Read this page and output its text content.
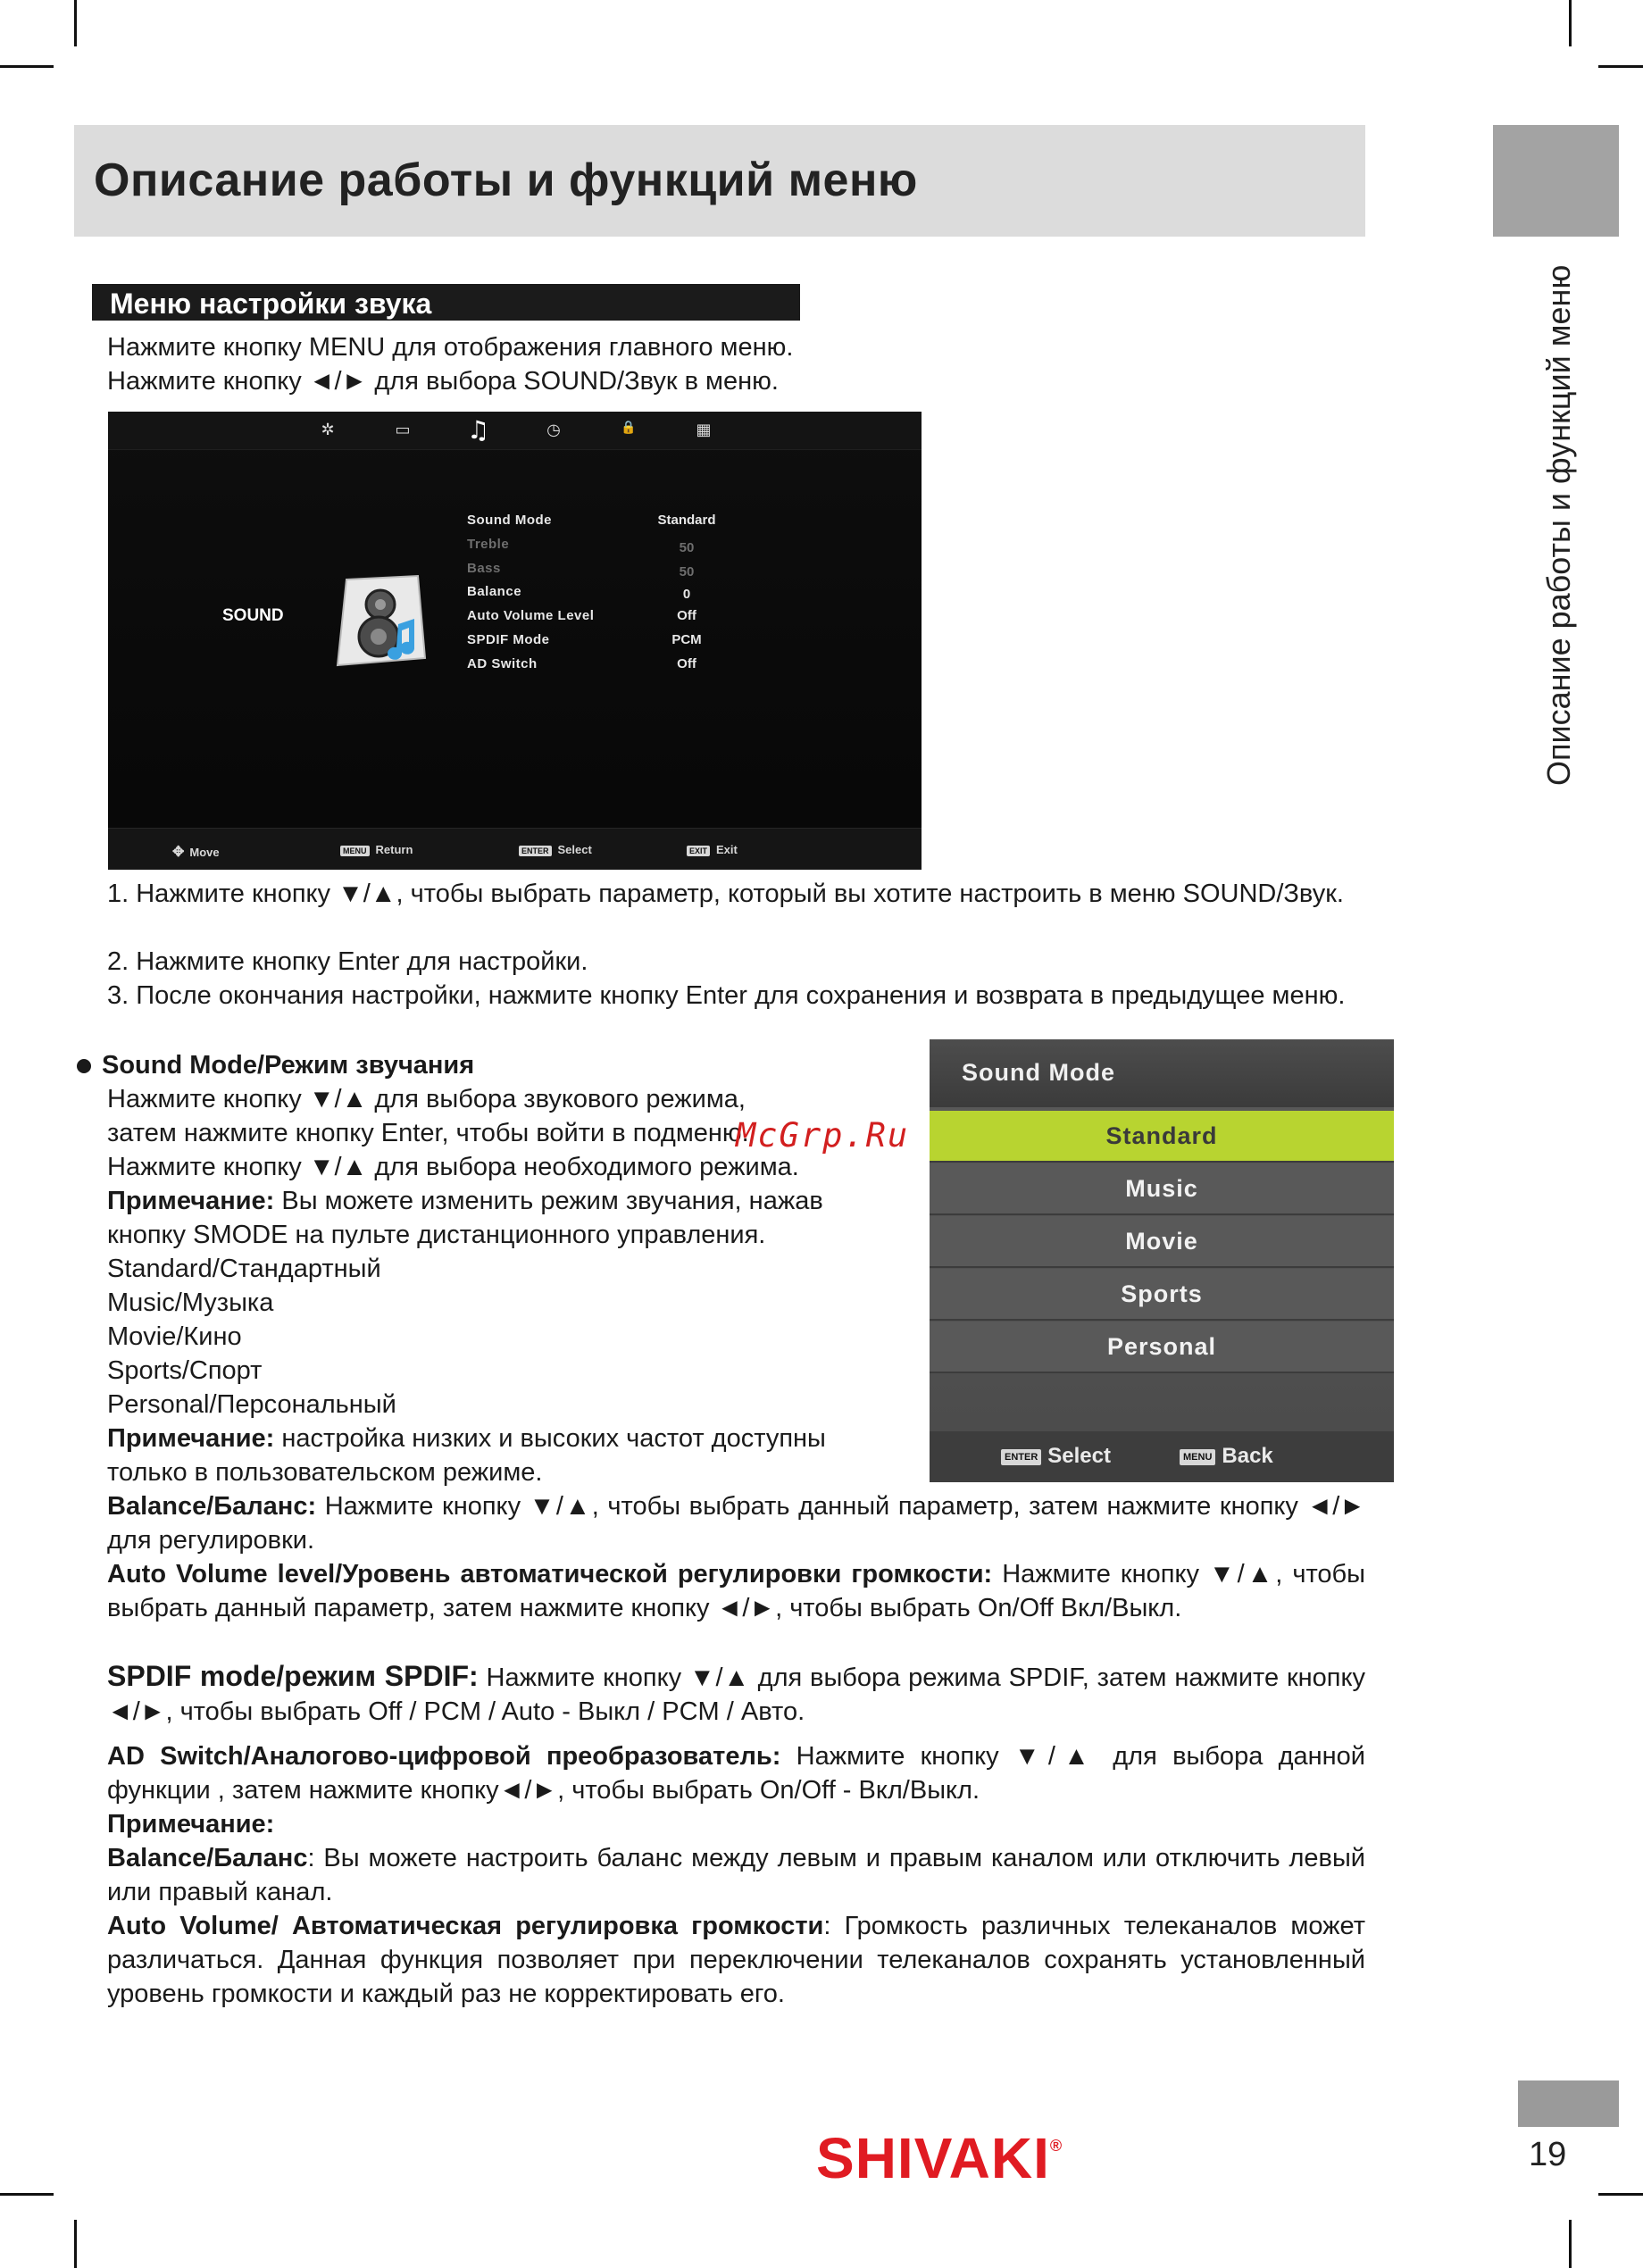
Описание работы и функций меню
Описание работы и функций меню
Меню настройки звука
Нажмите кнопку MENU для отображения главного меню.
Нажмите кнопку ◄/► для выбора SOUND/Звук в меню.
✲	▭ ♫	◷	🔒	▦
SOUND
Sound Mode	Standard
Treble	50
Bass	50
Balance	0
Auto Volume Level	Off
SPDIF Mode	PCM
AD Switch	Off
✥ Move	MENU Return	ENTER Select	EXIT Exit
1. Нажмите кнопку ▼/▲, чтобы выбрать параметр, который вы хотите настроить в меню SOUND/Звук.
2. Нажмите кнопку Enter для настройки.
3. После окончания настройки, нажмите кнопку Enter для сохранения и возврата в предыдущее меню.
Sound Mode/Режим звучания
Нажмите кнопку ▼/▲ для выбора звукового режима,
затем нажмите кнопку Enter, чтобы войти в подменю.
Нажмите кнопку ▼/▲ для выбора необходимого режима.
Примечание: Вы можете изменить режим звучания, нажав
кнопку SMODE на пульте дистанционного управления.
Standard/Стандартный
Music/Музыка
Movie/Кино
Sports/Спорт
Personal/Персональный
Примечание: настройка низких и высоких частот доступны
только в пользовательском режиме.
Sound Mode
Standard
Music
Movie
Sports
Personal
ENTER Select	MENU Back
McGrp.Ru
Balance/Баланс: Нажмите кнопку ▼/▲, чтобы выбрать данный параметр, затем нажмите кнопку ◄/► для регулировки.
Auto Volume level/Уровень автоматической регулировки громкости: Нажмите кнопку ▼/▲, чтобы выбрать данный параметр, затем нажмите кнопку ◄/►, чтобы выбрать On/Off Вкл/Выкл.
SPDIF mode/режим SPDIF: Нажмите кнопку ▼/▲ для выбора режима SPDIF, затем нажмите кнопку ◄/►, чтобы выбрать Off / PCM / Auto - Выкл / PCM / Авто.
AD Switch/Аналогово-цифровой преобразователь: Нажмите кнопку ▼/▲ для выбора данной функции , затем нажмите кнопку◄/►, чтобы выбрать On/Off - Вкл/Выкл.
Примечание:
Balance/Баланс: Вы можете настроить баланс между левым и правым каналом или отключить левый или правый канал.
Auto Volume/ Автоматическая регулировка громкости: Громкость различных телеканалов может различаться. Данная функция позволяет при переключении телеканалов сохранять установленный уровень громкости и каждый раз не корректировать его.
SHIVAKI®	19
